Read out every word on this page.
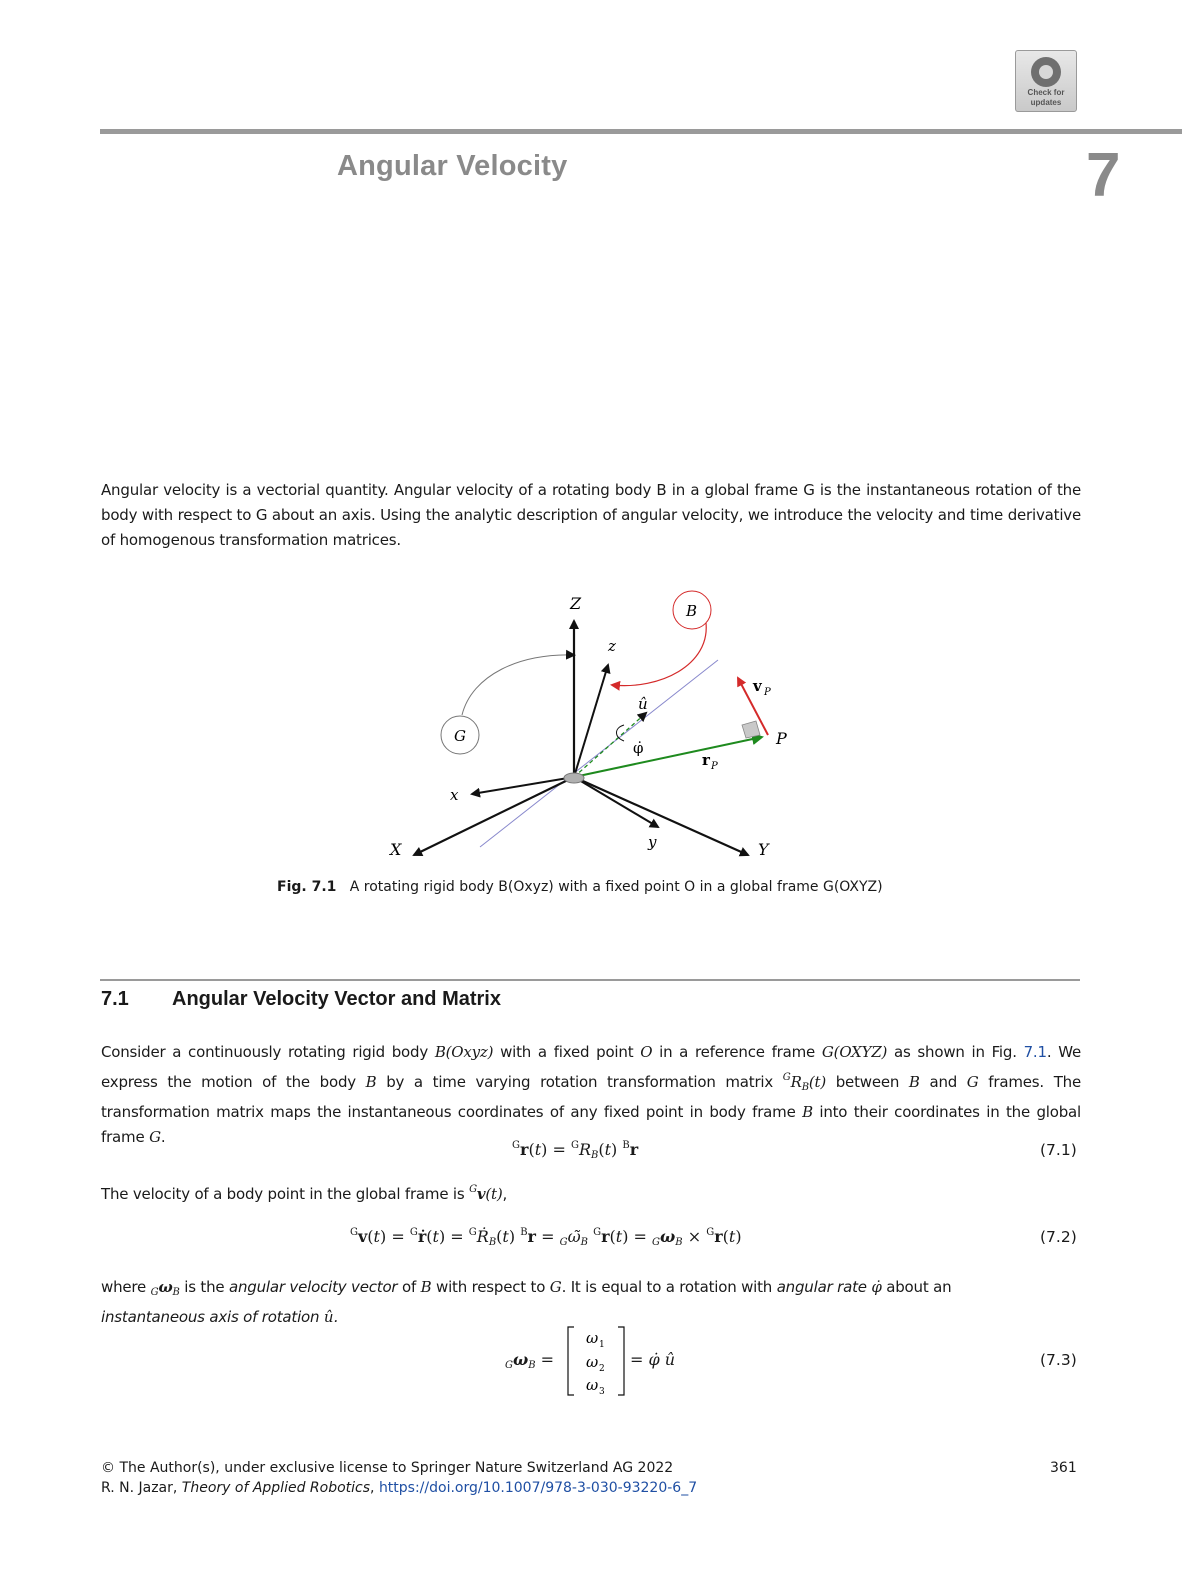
Check for
updates
Angular Velocity	7
Angular velocity is a vectorial quantity. Angular velocity of a rotating body B in a global frame G is the instantaneous rotation of the body with respect to G about an axis. Using the analytic description of angular velocity, we introduce the velocity and time derivative of homogenous transformation matrices.
Z
z
B
v P
û
G
φ̇	P
r P
x
X	y	Y
Fig. 7.1 A rotating rigid body B(Oxyz) with a fixed point O in a global frame G(OXYZ)
7.1 Angular Velocity Vector and Matrix
Consider a continuously rotating rigid body B(Oxyz) with a fixed point O in a reference frame G(OXYZ) as shown in Fig. 7.1. We express the motion of the body B by a time varying rotation transformation matrix $^GR_B(t)$ between B and G frames. The transformation matrix maps the instantaneous coordinates of any fixed point in body frame B into their coordinates in the global frame G.	$^Gr(t) = ^GR_B(t)$ $^B$r	(7.1)
The velocity of a body point in the global frame is $^G$v(t),
$^G$v(t) = $^G$ṙ(t) = $^G$Ṙ$_B$(t) $^Br = _G\omegã_B$ $^Gr(t) = _G\omega_B \times ^Gr(t)$	(7.2)
where $_G\omega_B$ is the angular velocity vector of B with respect to G. It is equal to a rotation with angular rate φ̇ about an
instantaneous axis of rotation û.
$_G\omega_B$ =
ω 1
ω 2
ω 3
= φ̇ û	(7.3)
© The Author(s), under exclusive license to Springer Nature Switzerland AG 2022
R. N. Jazar, Theory of Applied Robotics, https://doi.org/10.1007/978-3-030-93220-6_7
361
